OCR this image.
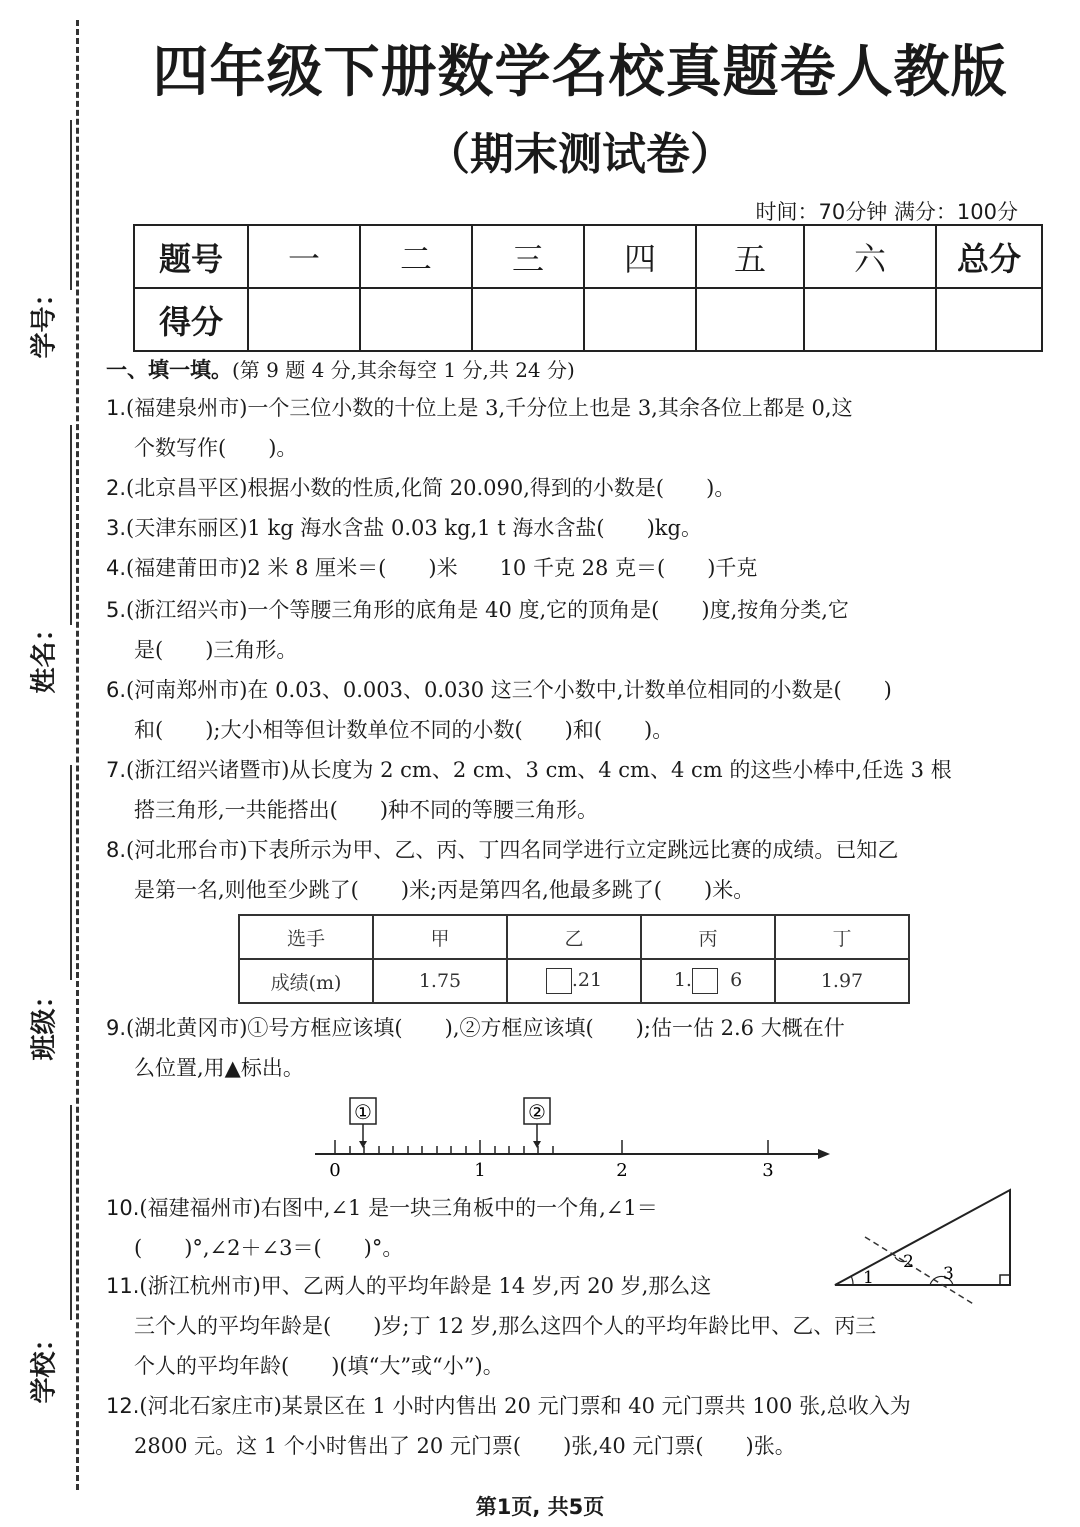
学号：
姓名：
班级：
学校：
四年级下册数学名校真题卷人教版
（期末测试卷）
时间：70分钟 满分：100分
题号	一	二	三	四	五	六	总分
得分							
一、填一填。(第 9 题 4 分,其余每空 1 分,共 24 分)
1.(福建泉州市)一个三位小数的十位上是 3,千分位上也是 3,其余各位上都是 0,这
个数写作(　　)。
2.(北京昌平区)根据小数的性质,化简 20.090,得到的小数是(　　)。
3.(天津东丽区)1 kg 海水含盐 0.03 kg,1 t 海水含盐(　　)kg。
4.(福建莆田市)2 米 8 厘米＝(　　)米　　10 千克 28 克＝(　　)千克
5.(浙江绍兴市)一个等腰三角形的底角是 40 度,它的顶角是(　　)度,按角分类,它
是(　　)三角形。
6.(河南郑州市)在 0.03、0.003、0.030 这三个小数中,计数单位相同的小数是(　　)
和(　　);大小相等但计数单位不同的小数(　　)和(　　)。
7.(浙江绍兴诸暨市)从长度为 2 cm、2 cm、3 cm、4 cm、4 cm 的这些小棒中,任选 3 根
搭三角形,一共能搭出(　　)种不同的等腰三角形。
8.(河北邢台市)下表所示为甲、乙、丙、丁四名同学进行立定跳远比赛的成绩。已知乙
是第一名,则他至少跳了(　　)米;丙是第四名,他最多跳了(　　)米。
选手	甲	乙	丙	丁
成绩(m)	1.75	.21	1. 6	1.97
9.(湖北黄冈市)①号方框应该填(　　),②方框应该填(　　);估一估 2.6 大概在什
么位置,用▲标出。
①	②
0	1	2	3
10.(福建福州市)右图中,∠1 是一块三角板中的一个角,∠1＝
(　　)°,∠2＋∠3＝(　　)°。
1
2
3
11.(浙江杭州市)甲、乙两人的平均年龄是 14 岁,丙 20 岁,那么这
三个人的平均年龄是(　　)岁;丁 12 岁,那么这四个人的平均年龄比甲、乙、丙三
个人的平均年龄(　　)(填“大”或“小”)。
12.(河北石家庄市)某景区在 1 小时内售出 20 元门票和 40 元门票共 100 张,总收入为
2800 元。这 1 个小时售出了 20 元门票(　　)张,40 元门票(　　)张。
第1页, 共5页
